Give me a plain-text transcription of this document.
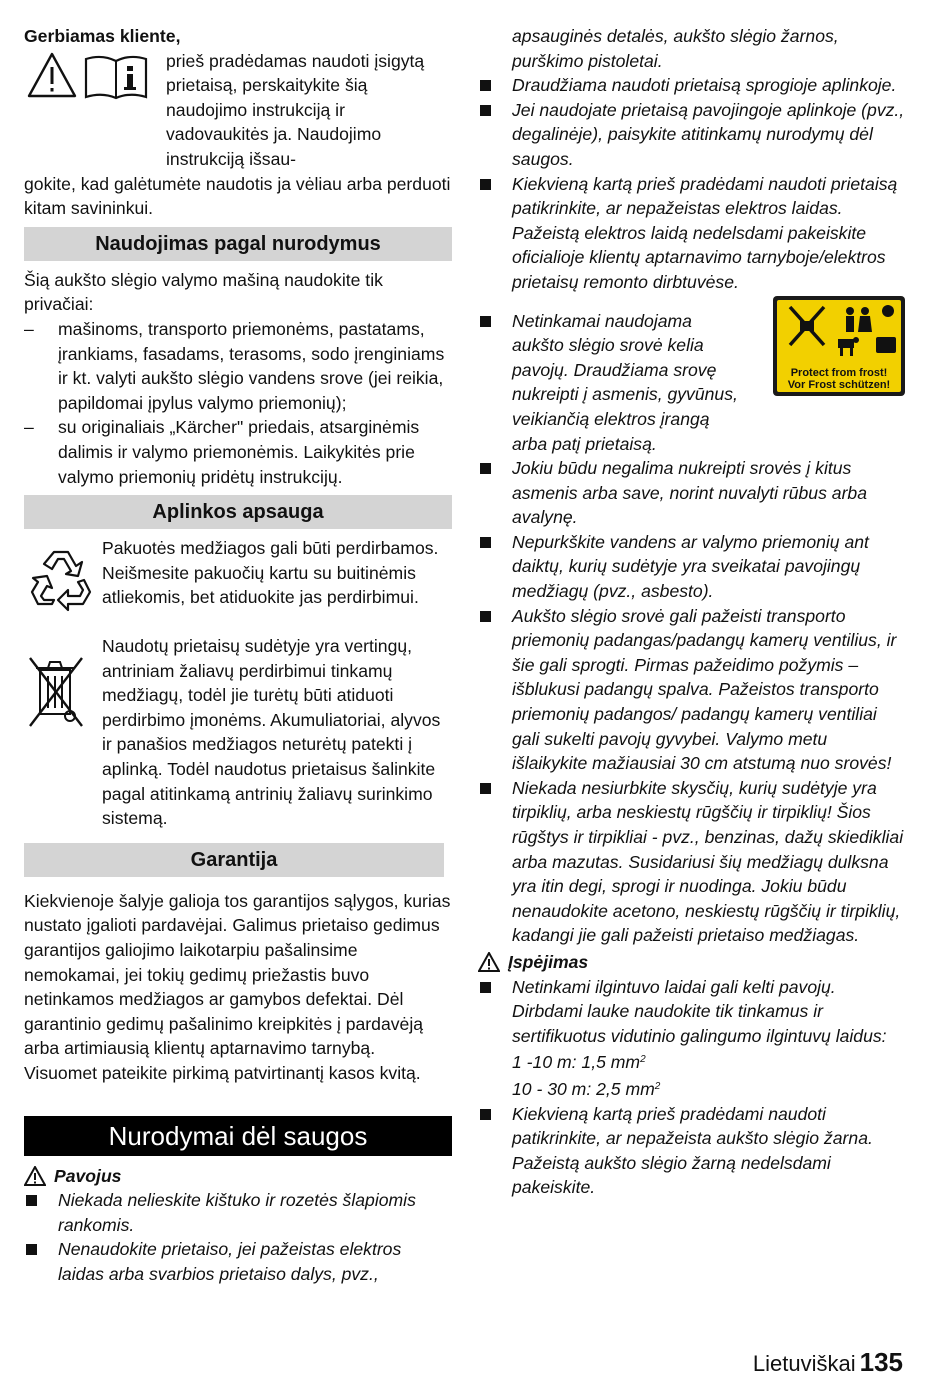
Gerbiamas kliente,

prieš pradėdamas naudoti įsigytą prietaisą, perskaitykite šią naudojimo instrukciją ir vadovaukitės ja. Naudojimo instrukciją išsau-

gokite, kad galėtumėte naudotis ja vėliau arba perduoti kitam savininkui.

Naudojimas pagal nurodymus

Šią aukšto slėgio valymo mašiną naudokite tik privačiai:

– mašinoms, transporto priemonėms, pastatams, įrankiams, fasadams, terasoms, sodo įrenginiams ir kt. valyti aukšto slėgio vandens srove (jei reikia, papildomai įpylus valymo priemonių);
– su originaliais „Kärcher" priedais, atsarginėmis dalimis ir valymo priemonėmis. Laikykitės prie valymo priemonių pridėtų instrukcijų.
Aplinkos apsauga

Pakuotės medžiagos gali būti perdirbamos. Neišmesite pakuočių kartu su buitinėmis atliekomis, bet atiduokite jas perdirbimui.

Naudotų prietaisų sudėtyje yra vertingų, antriniam žaliavų perdirbimui tinkamų medžiagų, todėl jie turėtų būti atiduoti perdirbimo įmonėms. Akumuliatoriai, alyvos ir panašios medžiagos neturėtų patekti į aplinką. Todėl naudotus prietaisus šalinkite pagal atitinkamą antrinių žaliavų surinkimo sistemą.

Garantija

Kiekvienoje šalyje galioja tos garantijos sąlygos, kurias nustato įgalioti pardavėjai. Galimus prietaiso gedimus garantijos galiojimo laikotarpiu pašalinsime nemokamai, jei tokių gedimų priežastis buvo netinkamos medžiagos ar gamybos defektai. Dėl garantinio gedimų pašalinimo kreipkitės į pardavėją arba artimiausią klientų aptarnavimo tarnybą. Visuomet pateikite pirkimą patvirtinantį kasos kvitą.

Nurodymai dėl saugos
Pavojus
Niekada nelieskite kištuko ir rozetės šlapiomis rankomis.
Nenaudokite prietaiso, jei pažeistas elektros laidas arba svarbios prietaiso dalys, pvz.,

apsauginės detalės, aukšto slėgio žarnos, purškimo pistoletai.

Draudžiama naudoti prietaisą sprogioje aplinkoje.
Jei naudojate prietaisą pavojingoje aplinkoje (pvz., degalinėje), paisykite atitinkamų nurodymų dėl saugos.
Kiekvieną kartą prieš pradėdami naudoti prietaisą patikrinkite, ar nepažeistas elektros laidas. Pažeistą elektros laidą nedelsdami pakeiskite oficialioje klientų aptarnavimo tarnyboje/elektros prietaisų remonto dirbtuvėse.
Protect from frost!
Vor Frost schützen!
Netinkamai naudojama aukšto slėgio srovė kelia pavojų. Draudžiama srovę nukreipti į asmenis, gyvūnus, veikiančią elektros įrangą arba patį prietaisą.
Jokiu būdu negalima nukreipti srovės į kitus asmenis arba save, norint nuvalyti rūbus arba avalynę.
Nepurkškite vandens ar valymo priemonių ant daiktų, kurių sudėtyje yra sveikatai pavojingų medžiagų (pvz., asbesto).
Aukšto slėgio srovė gali pažeisti transporto priemonių padangas/padangų kamerų ventilius, ir šie gali sprogti. Pirmas pažeidimo požymis – išblukusi padangų spalva. Pažeistos transporto priemonių padangos/ padangų kamerų ventiliai gali sukelti pavojų gyvybei. Valymo metu išlaikykite mažiausiai 30 cm atstumą nuo srovės!
Niekada nesiurbkite skysčių, kurių sudėtyje yra tirpiklių, arba neskiestų rūgščių ir tirpiklių! Šios rūgštys ir tirpikliai - pvz., benzinas, dažų skiedikliai arba mazutas. Susidariusi šių medžiagų dulksna yra itin degi, sprogi ir nuodinga. Jokiu būdu nenaudokite acetono, neskiestų rūgščių ir tirpiklių, kadangi jie gali pažeisti prietaiso medžiagas.
Įspėjimas
Netinkami ilgintuvo laidai gali kelti pavojų. Dirbdami lauke naudokite tik tinkamus ir sertifikuotus vidutinio galingumo ilgintuvų laidus:

1 -10 m: 1,5 $mm^2$

10 - 30 m: 2,5 $mm^2$

Kiekvieną kartą prieš pradėdami naudoti patikrinkite, ar nepažeista aukšto slėgio žarna. Pažeistą aukšto slėgio žarną nedelsdami pakeiskite.
Lietuviškai 135
